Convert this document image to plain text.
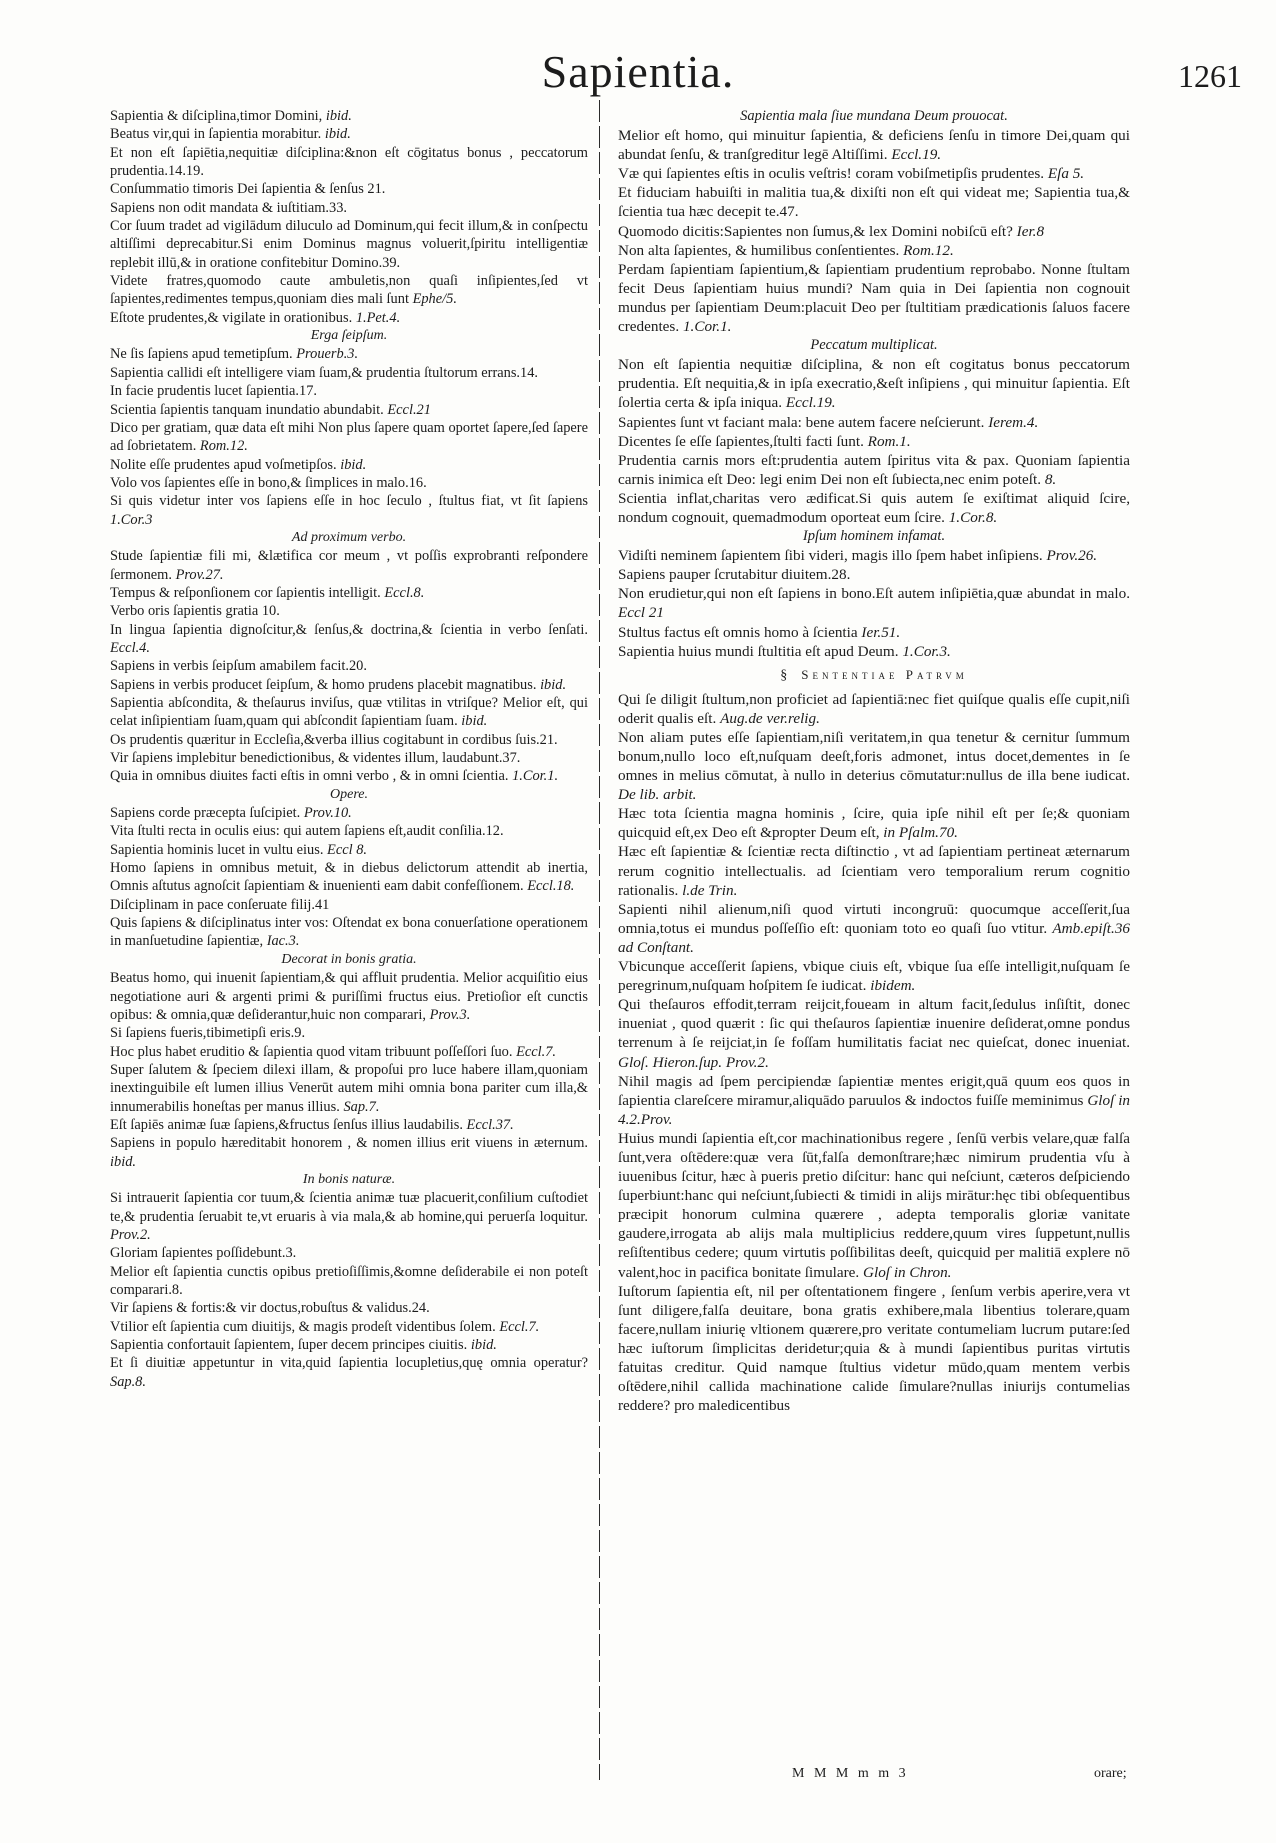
Sapientia.	1261

Sapientia & diſciplina,timor Domini, ibid.

Beatus vir,qui in ſapientia morabitur. ibid.

Et non eſt ſapiētia,nequitiæ diſciplina:&non eſt cōgitatus bonus , peccatorum prudentia.14.19.

Conſummatio timoris Dei ſapientia & ſenſus 21.

Sapiens non odit mandata & iuſtitiam.33.

Cor ſuum tradet ad vigilādum diluculo ad Dominum,qui fecit illum,& in conſpectu altiſſimi deprecabitur.Si enim Dominus magnus voluerit,ſpiritu intelligentiæ replebit illū,& in oratione confitebitur Domino.39.

Videte fratres,quomodo caute ambuletis,non quaſi inſipientes,ſed vt ſapientes,redimentes tempus,quoniam dies mali ſunt Ephe/5.

Eſtote prudentes,& vigilate in orationibus. 1.Pet.4.

Erga ſeipſum.

Ne ſis ſapiens apud temetipſum. Prouerb.3.

Sapientia callidi eſt intelligere viam ſuam,& prudentia ſtultorum errans.14.

In facie prudentis lucet ſapientia.17.

Scientia ſapientis tanquam inundatio abundabit. Eccl.21

Dico per gratiam, quæ data eſt mihi Non plus ſapere quam oportet ſapere,ſed ſapere ad ſobrietatem. Rom.12.

Nolite eſſe prudentes apud voſmetipſos. ibid.

Volo vos ſapientes eſſe in bono,& ſimplices in malo.16.

Si quis videtur inter vos ſapiens eſſe in hoc ſeculo , ſtultus fiat, vt ſit ſapiens 1.Cor.3

Ad proximum verbo.

Stude ſapientiæ fili mi, &lætifica cor meum , vt poſſis exprobranti reſpondere ſermonem. Prov.27.

Tempus & reſponſionem cor ſapientis intelligit. Eccl.8.

Verbo oris ſapientis gratia 10.

In lingua ſapientia dignoſcitur,& ſenſus,& doctrina,& ſcientia in verbo ſenſati. Eccl.4.

Sapiens in verbis ſeipſum amabilem facit.20.

Sapiens in verbis producet ſeipſum, & homo prudens placebit magnatibus. ibid.

Sapientia abſcondita, & theſaurus inviſus, quæ vtilitas in vtriſque? Melior eſt, qui celat inſipientiam ſuam,quam qui abſcondit ſapientiam ſuam. ibid.

Os prudentis quæritur in Eccleſia,&verba illius cogitabunt in cordibus ſuis.21.

Vir ſapiens implebitur benedictionibus, & videntes illum, laudabunt.37.

Quia in omnibus diuites facti eſtis in omni verbo , & in omni ſcientia. 1.Cor.1.

Opere.

Sapiens corde præcepta ſuſcipiet. Prov.10.

Vita ſtulti recta in oculis eius: qui autem ſapiens eſt,audit conſilia.12.

Sapientia hominis lucet in vultu eius. Eccl 8.

Homo ſapiens in omnibus metuit, & in diebus delictorum attendit ab inertia, Omnis aſtutus agnoſcit ſapientiam & inuenienti eam dabit confeſſionem. Eccl.18.

Diſciplinam in pace conſeruate filij.41

Quis ſapiens & diſciplinatus inter vos: Oſtendat ex bona conuerſatione operationem in manſuetudine ſapientiæ, Iac.3.

Decorat in bonis gratia.

Beatus homo, qui inuenit ſapientiam,& qui affluit prudentia. Melior acquiſitio eius negotiatione auri & argenti primi & puriſſimi fructus eius. Pretioſior eſt cunctis opibus: & omnia,quæ deſiderantur,huic non comparari, Prov.3.

Si ſapiens fueris,tibimetipſi eris.9.

Hoc plus habet eruditio & ſapientia quod vitam tribuunt poſſeſſori ſuo. Eccl.7.

Super ſalutem & ſpeciem dilexi illam, & propoſui pro luce habere illam,quoniam inextinguibile eſt lumen illius Venerūt autem mihi omnia bona pariter cum illa,& innumerabilis honeſtas per manus illius. Sap.7.

Eſt ſapiēs animæ ſuæ ſapiens,&fructus ſenſus illius laudabilis. Eccl.37.

Sapiens in populo hæreditabit honorem , & nomen illius erit viuens in æternum. ibid.

In bonis naturæ.

Si intrauerit ſapientia cor tuum,& ſcientia animæ tuæ placuerit,conſilium cuſtodiet te,& prudentia ſeruabit te,vt eruaris à via mala,& ab homine,qui peruerſa loquitur. Prov.2.

Gloriam ſapientes poſſidebunt.3.

Melior eſt ſapientia cunctis opibus pretioſiſſimis,&omne deſiderabile ei non poteſt comparari.8.

Vir ſapiens & fortis:& vir doctus,robuſtus & validus.24.

Vtilior eſt ſapientia cum diuitijs, & magis prodeſt videntibus ſolem. Eccl.7.

Sapientia confortauit ſapientem, ſuper decem principes ciuitis. ibid.

Et ſi diuitiæ appetuntur in vita,quid ſapientia locupletius,quę omnia operatur? Sap.8.

Sapientia mala ſiue mundana Deum prouocat.

Melior eſt homo, qui minuitur ſapientia, & deficiens ſenſu in timore Dei,quam qui abundat ſenſu, & tranſgreditur legē Altiſſimi. Eccl.19.

Væ qui ſapientes eſtis in oculis veſtris! coram vobiſmetipſis prudentes. Eſa 5.

Et fiduciam habuiſti in malitia tua,& dixiſti non eſt qui videat me; Sapientia tua,& ſcientia tua hæc decepit te.47.

Quomodo dicitis:Sapientes non ſumus,& lex Domini nobiſcū eſt? Ier.8

Non alta ſapientes, & humilibus conſentientes. Rom.12.

Perdam ſapientiam ſapientium,& ſapientiam prudentium reprobabo. Nonne ſtultam fecit Deus ſapientiam huius mundi? Nam quia in Dei ſapientia non cognouit mundus per ſapientiam Deum:placuit Deo per ſtultitiam prædicationis ſaluos facere credentes. 1.Cor.1.

Peccatum multiplicat.

Non eſt ſapientia nequitiæ diſciplina, & non eſt cogitatus bonus peccatorum prudentia. Eſt nequitia,& in ipſa execratio,&eſt inſipiens , qui minuitur ſapientia. Eſt ſolertia certa & ipſa iniqua. Eccl.19.

Sapientes ſunt vt faciant mala: bene autem facere neſcierunt. Ierem.4.

Dicentes ſe eſſe ſapientes,ſtulti facti ſunt. Rom.1.

Prudentia carnis mors eſt:prudentia autem ſpiritus vita & pax. Quoniam ſapientia carnis inimica eſt Deo: legi enim Dei non eſt ſubiecta,nec enim poteſt. 8.

Scientia inflat,charitas vero ædificat.Si quis autem ſe exiſtimat aliquid ſcire, nondum cognouit, quemadmodum oporteat eum ſcire. 1.Cor.8.

Ipſum hominem infamat.

Vidiſti neminem ſapientem ſibi videri, magis illo ſpem habet inſipiens. Prov.26.

Sapiens pauper ſcrutabitur diuitem.28.

Non erudietur,qui non eſt ſapiens in bono.Eſt autem inſipiētia,quæ abundat in malo. Eccl 21

Stultus factus eſt omnis homo à ſcientia Ier.51.

Sapientia huius mundi ſtultitia eſt apud Deum. 1.Cor.3.

§ Sententiae Patrvm

Qui ſe diligit ſtultum,non proficiet ad ſapientiā:nec fiet quiſque qualis eſſe cupit,niſi oderit qualis eſt. Aug.de ver.relig.

Non aliam putes eſſe ſapientiam,niſi veritatem,in qua tenetur & cernitur ſummum bonum,nullo loco eſt,nuſquam deeſt,foris admonet, intus docet,dementes in ſe omnes in melius cōmutat, à nullo in deterius cōmutatur:nullus de illa bene iudicat. De lib. arbit.

Hæc tota ſcientia magna hominis , ſcire, quia ipſe nihil eſt per ſe;& quoniam quicquid eſt,ex Deo eſt &propter Deum eſt, in Pſalm.70.

Hæc eſt ſapientiæ & ſcientiæ recta diſtinctio , vt ad ſapientiam pertineat æternarum rerum cognitio intellectualis. ad ſcientiam vero temporalium rerum cognitio rationalis. l.de Trin.

Sapienti nihil alienum,niſi quod virtuti incongruū: quocumque acceſſerit,ſua omnia,totus ei mundus poſſeſſio eſt: quoniam toto eo quaſi ſuo vtitur. Amb.epiſt.36 ad Conſtant.

Vbicunque acceſſerit ſapiens, vbique ciuis eſt, vbique ſua eſſe intelligit,nuſquam ſe peregrinum,nuſquam hoſpitem ſe iudicat. ibidem.

Qui theſauros effodit,terram reijcit,foueam in altum facit,ſedulus inſiſtit, donec inueniat , quod quærit : ſic qui theſauros ſapientiæ inuenire deſiderat,omne pondus terrenum à ſe reijciat,in ſe foſſam humilitatis faciat nec quieſcat, donec inueniat. Gloſ. Hieron.ſup. Prov.2.

Nihil magis ad ſpem percipiendæ ſapientiæ mentes erigit,quā quum eos quos in ſapientia clareſcere miramur,aliquādo paruulos & indoctos fuiſſe meminimus Gloſ in 4.2.Prov.

Huius mundi ſapientia eſt,cor machinationibus regere , ſenſū verbis velare,quæ falſa ſunt,vera oſtēdere:quæ vera ſūt,falſa demonſtrare;hæc nimirum prudentia vſu à iuuenibus ſcitur, hæc à pueris pretio diſcitur: hanc qui neſciunt, cæteros deſpiciendo ſuperbiunt:hanc qui neſciunt,ſubiecti & timidi in alijs mirātur:hęc tibi obſequentibus præcipit honorum culmina quærere , adepta temporalis gloriæ vanitate gaudere,irrogata ab alijs mala multiplicius reddere,quum vires ſuppetunt,nullis reſiſtentibus cedere; quum virtutis poſſibilitas deeſt, quicquid per malitiā explere nō valent,hoc in pacifica bonitate ſimulare. Gloſ in Chron.

Iuſtorum ſapientia eſt, nil per oſtentationem fingere , ſenſum verbis aperire,vera vt ſunt diligere,falſa deuitare, bona gratis exhibere,mala libentius tolerare,quam facere,nullam iniurię vltionem quærere,pro veritate contumeliam lucrum putare:ſed hæc iuſtorum ſimplicitas deridetur;quia & à mundi ſapientibus puritas virtutis fatuitas creditur. Quid namque ſtultius videtur mūdo,quam mentem verbis oſtēdere,nihil callida machinatione calide ſimulare?nullas iniurijs contumelias reddere? pro maledicentibus

M M M m m 3	orare;
